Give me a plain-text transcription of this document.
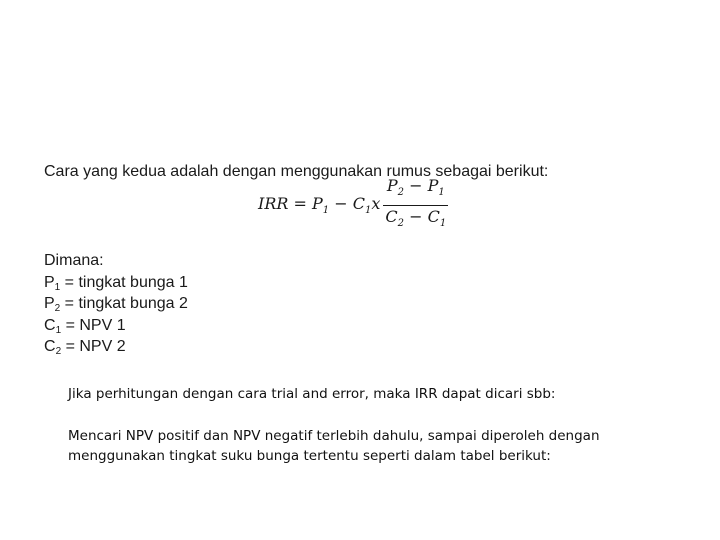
Cara yang kedua adalah dengan menggunakan rumus sebagai berikut:
IRR = $P_1 - C_1x \frac{P_2 - P_1}{C_2 - C_1}$
Dimana:
$P_1$ = tingkat bunga 1
$P_2$ = tingkat bunga 2
$C_1$ = NPV 1
$C_2$ = NPV 2
Jika perhitungan dengan cara trial and error, maka IRR dapat dicari sbb:
Mencari NPV positif dan NPV negatif terlebih dahulu, sampai diperoleh dengan menggunakan tingkat suku bunga tertentu seperti dalam tabel berikut:
